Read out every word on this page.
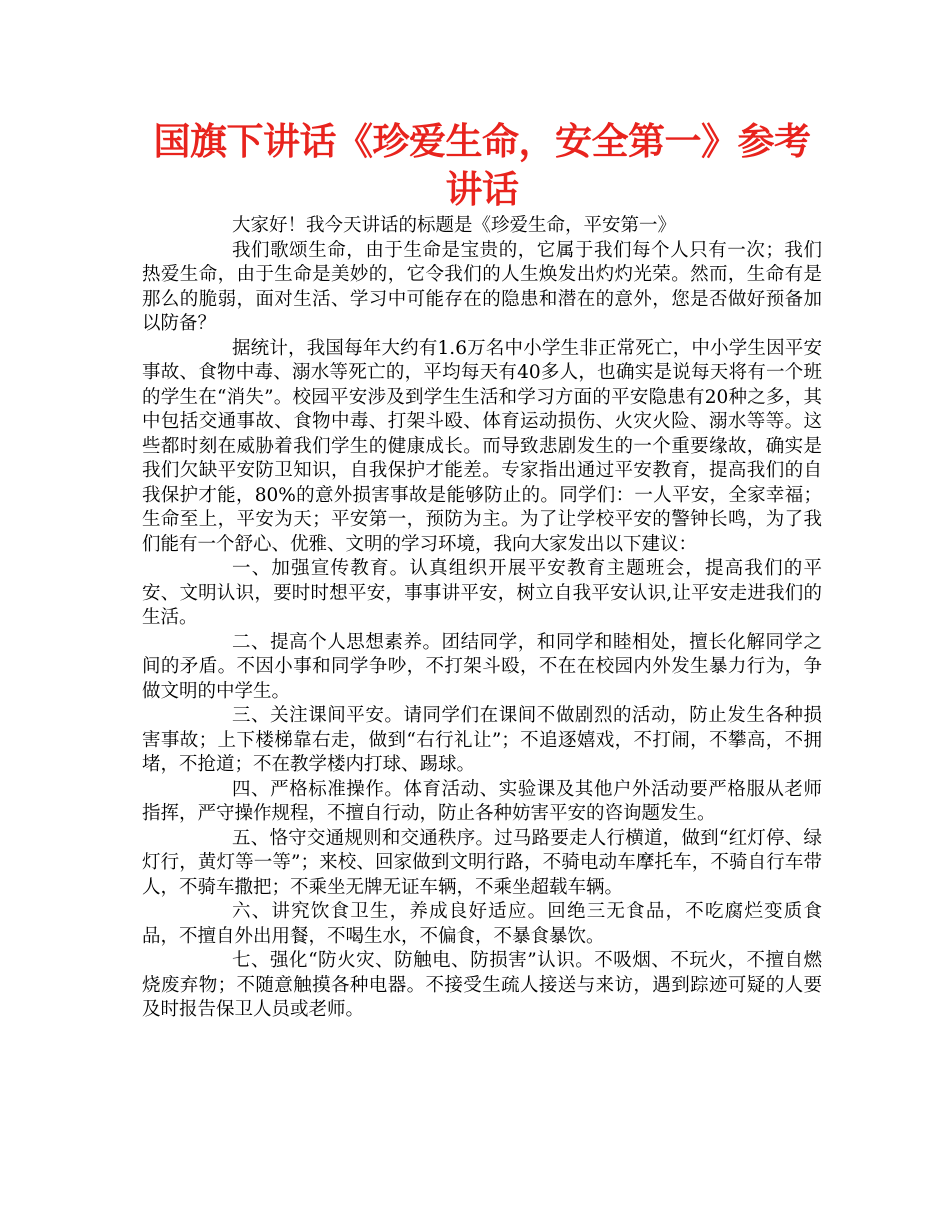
国旗下讲话《珍爱生命，安全第一》参考
讲话

大家好！我今天讲话的标题是《珍爱生命，平安第一》

我们歌颂生命，由于生命是宝贵的，它属于我们每个人只有一次；我们热爱生命，由于生命是美妙的，它令我们的人生焕发出灼灼光荣。然而，生命有是那么的脆弱，面对生活、学习中可能存在的隐患和潜在的意外，您是否做好预备加以防备？

据统计，我国每年大约有1.6万名中小学生非正常死亡，中小学生因平安事故、食物中毒、溺水等死亡的，平均每天有40多人，也确实是说每天将有一个班的学生在“消失”。校园平安涉及到学生生活和学习方面的平安隐患有20种之多，其中包括交通事故、食物中毒、打架斗殴、体育运动损伤、火灾火险、溺水等等。这些都时刻在威胁着我们学生的健康成长。而导致悲剧发生的一个重要缘故，确实是我们欠缺平安防卫知识，自我保护才能差。专家指出通过平安教育，提高我们的自我保护才能，80%的意外损害事故是能够防止的。同学们：一人平安，全家幸福；生命至上，平安为天；平安第一，预防为主。为了让学校平安的警钟长鸣，为了我们能有一个舒心、优雅、文明的学习环境，我向大家发出以下建议：

一、加强宣传教育。认真组织开展平安教育主题班会，提高我们的平安、文明认识，要时时想平安，事事讲平安，树立自我平安认识,让平安走进我们的生活。

二、提高个人思想素养。团结同学，和同学和睦相处，擅长化解同学之间的矛盾。不因小事和同学争吵，不打架斗殴，不在在校园内外发生暴力行为，争做文明的中学生。

三、关注课间平安。请同学们在课间不做剧烈的活动，防止发生各种损害事故；上下楼梯靠右走，做到“右行礼让”；不追逐嬉戏，不打闹，不攀高，不拥堵，不抢道；不在教学楼内打球、踢球。

四、严格标准操作。体育活动、实验课及其他户外活动要严格服从老师指挥，严守操作规程，不擅自行动，防止各种妨害平安的咨询题发生。

五、恪守交通规则和交通秩序。过马路要走人行横道，做到“红灯停、绿灯行，黄灯等一等”；来校、回家做到文明行路，不骑电动车摩托车，不骑自行车带人，不骑车撒把；不乘坐无牌无证车辆，不乘坐超载车辆。

六、讲究饮食卫生，养成良好适应。回绝三无食品，不吃腐烂变质食品，不擅自外出用餐，不喝生水，不偏食，不暴食暴饮。

七、强化“防火灾、防触电、防损害”认识。不吸烟、不玩火，不擅自燃烧废弃物；不随意触摸各种电器。不接受生疏人接送与来访，遇到踪迹可疑的人要及时报告保卫人员或老师。
